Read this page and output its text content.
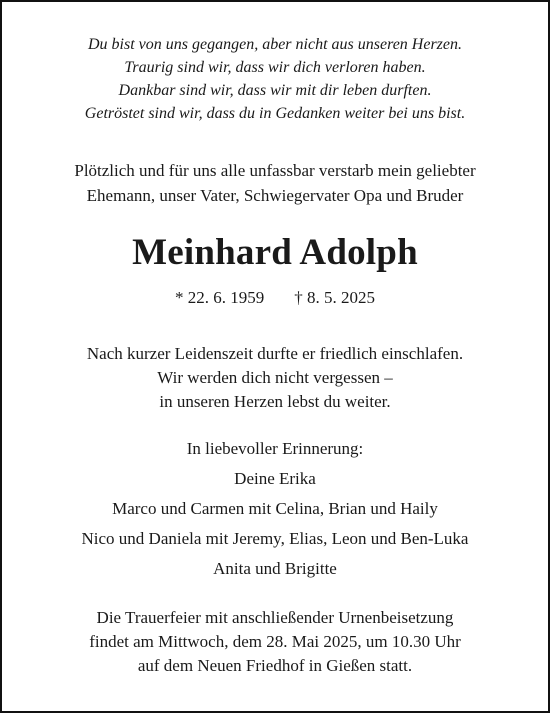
Du bist von uns gegangen, aber nicht aus unseren Herzen.
Traurig sind wir, dass wir dich verloren haben.
Dankbar sind wir, dass wir mit dir leben durften.
Getröstet sind wir, dass du in Gedanken weiter bei uns bist.
Plötzlich und für uns alle unfassbar verstarb mein geliebter
Ehemann, unser Vater, Schwiegervater Opa und Bruder
Meinhard Adolph
* 22. 6. 1959 † 8. 5. 2025
Nach kurzer Leidenszeit durfte er friedlich einschlafen.
Wir werden dich nicht vergessen –
in unseren Herzen lebst du weiter.
In liebevoller Erinnerung:
Deine Erika
Marco und Carmen mit Celina, Brian und Haily
Nico und Daniela mit Jeremy, Elias, Leon und Ben-Luka
Anita und Brigitte
Die Trauerfeier mit anschließender Urnenbeisetzung
findet am Mittwoch, dem 28. Mai 2025, um 10.30 Uhr
auf dem Neuen Friedhof in Gießen statt.
